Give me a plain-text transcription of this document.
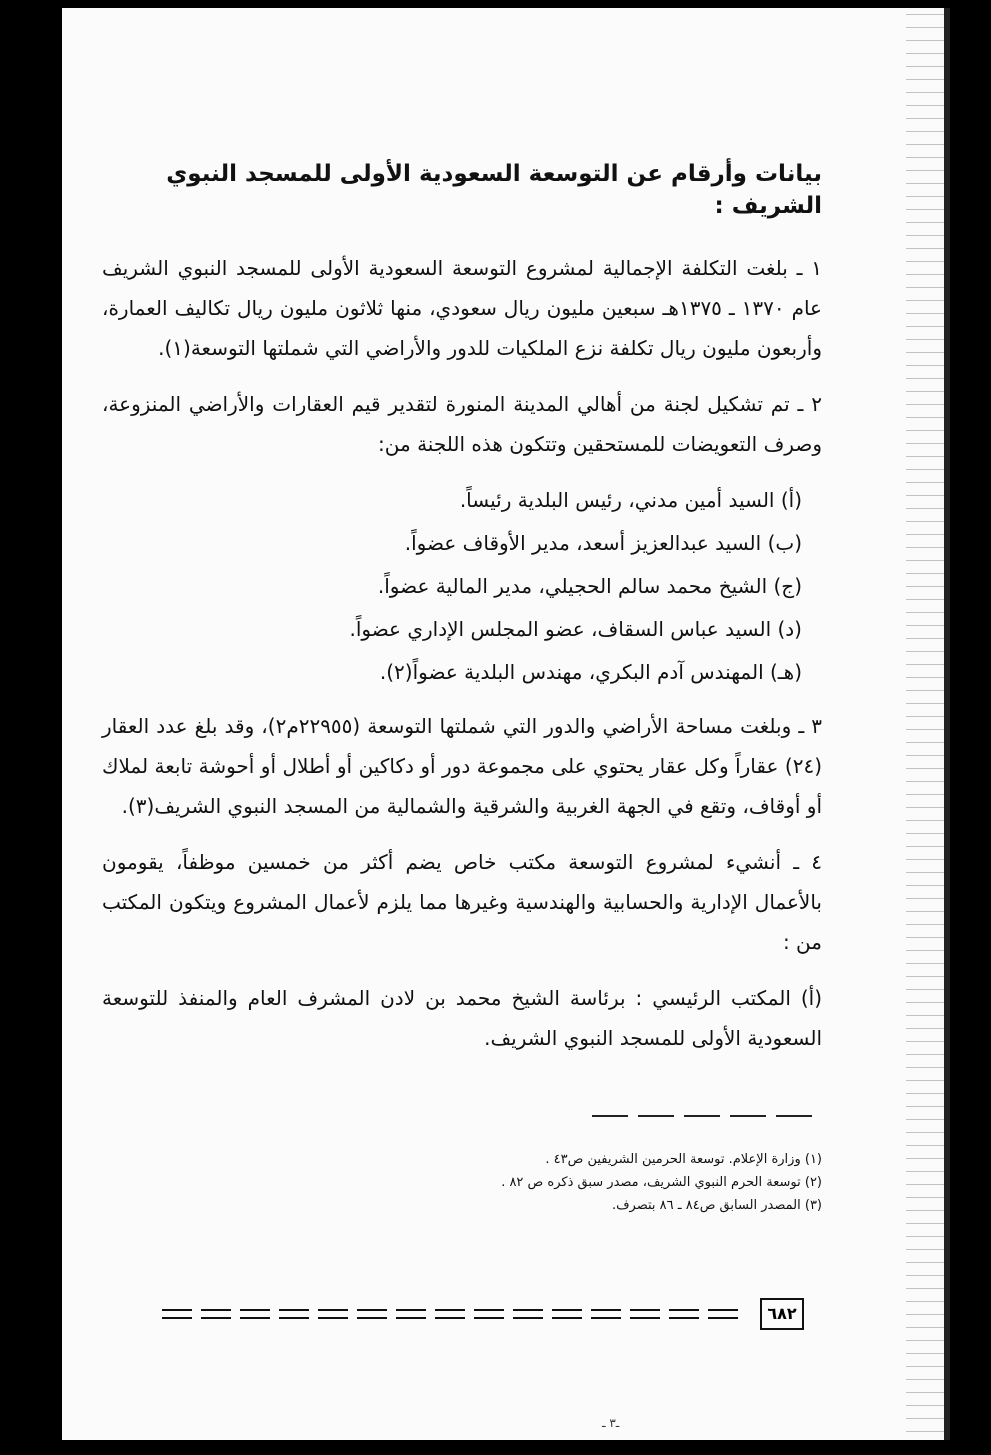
بيانات وأرقام عن التوسعة السعودية الأولى للمسجد النبوي الشريف :

١ ـ بلغت التكلفة الإجمالية لمشروع التوسعة السعودية الأولى للمسجد النبوي الشريف عام ١٣٧٠ ـ ١٣٧٥هـ سبعين مليون ريال سعودي، منها ثلاثون مليون ريال تكاليف العمارة، وأربعون مليون ريال تكلفة نزع الملكيات للدور والأراضي التي شملتها التوسعة(١).

٢ ـ تم تشكيل لجنة من أهالي المدينة المنورة لتقدير قيم العقارات والأراضي المنزوعة، وصرف التعويضات للمستحقين وتتكون هذه اللجنة من:

(أ) السيد أمين مدني، رئيس البلدية رئيساً.
(ب) السيد عبدالعزيز أسعد، مدير الأوقاف عضواً.
(ج) الشيخ محمد سالم الحجيلي، مدير المالية عضواً.
(د) السيد عباس السقاف، عضو المجلس الإداري عضواً.
(هـ) المهندس آدم البكري، مهندس البلدية عضواً(٢).

٣ ـ وبلغت مساحة الأراضي والدور التي شملتها التوسعة (٢٢٩٥٥م٢)، وقد بلغ عدد العقار (٢٤) عقاراً وكل عقار يحتوي على مجموعة دور أو دكاكين أو أطلال أو أحوشة تابعة لملاك أو أوقاف، وتقع في الجهة الغربية والشرقية والشمالية من المسجد النبوي الشريف(٣).

٤ ـ أنشيء لمشروع التوسعة مكتب خاص يضم أكثر من خمسين موظفاً، يقومون بالأعمال الإدارية والحسابية والهندسية وغيرها مما يلزم لأعمال المشروع ويتكون المكتب من :

(أ) المكتب الرئيسي : برئاسة الشيخ محمد بن لادن المشرف العام والمنفذ للتوسعة السعودية الأولى للمسجد النبوي الشريف.

(١) وزارة الإعلام. توسعة الحرمين الشريفين ص٤٣ .
(٢) توسعة الحرم النبوي الشريف، مصدر سبق ذكره ص ٨٢ .
(٣) المصدر السابق ص٨٤ ـ ٨٦ بتصرف.
٦٨٢
ـ٣ ـ
